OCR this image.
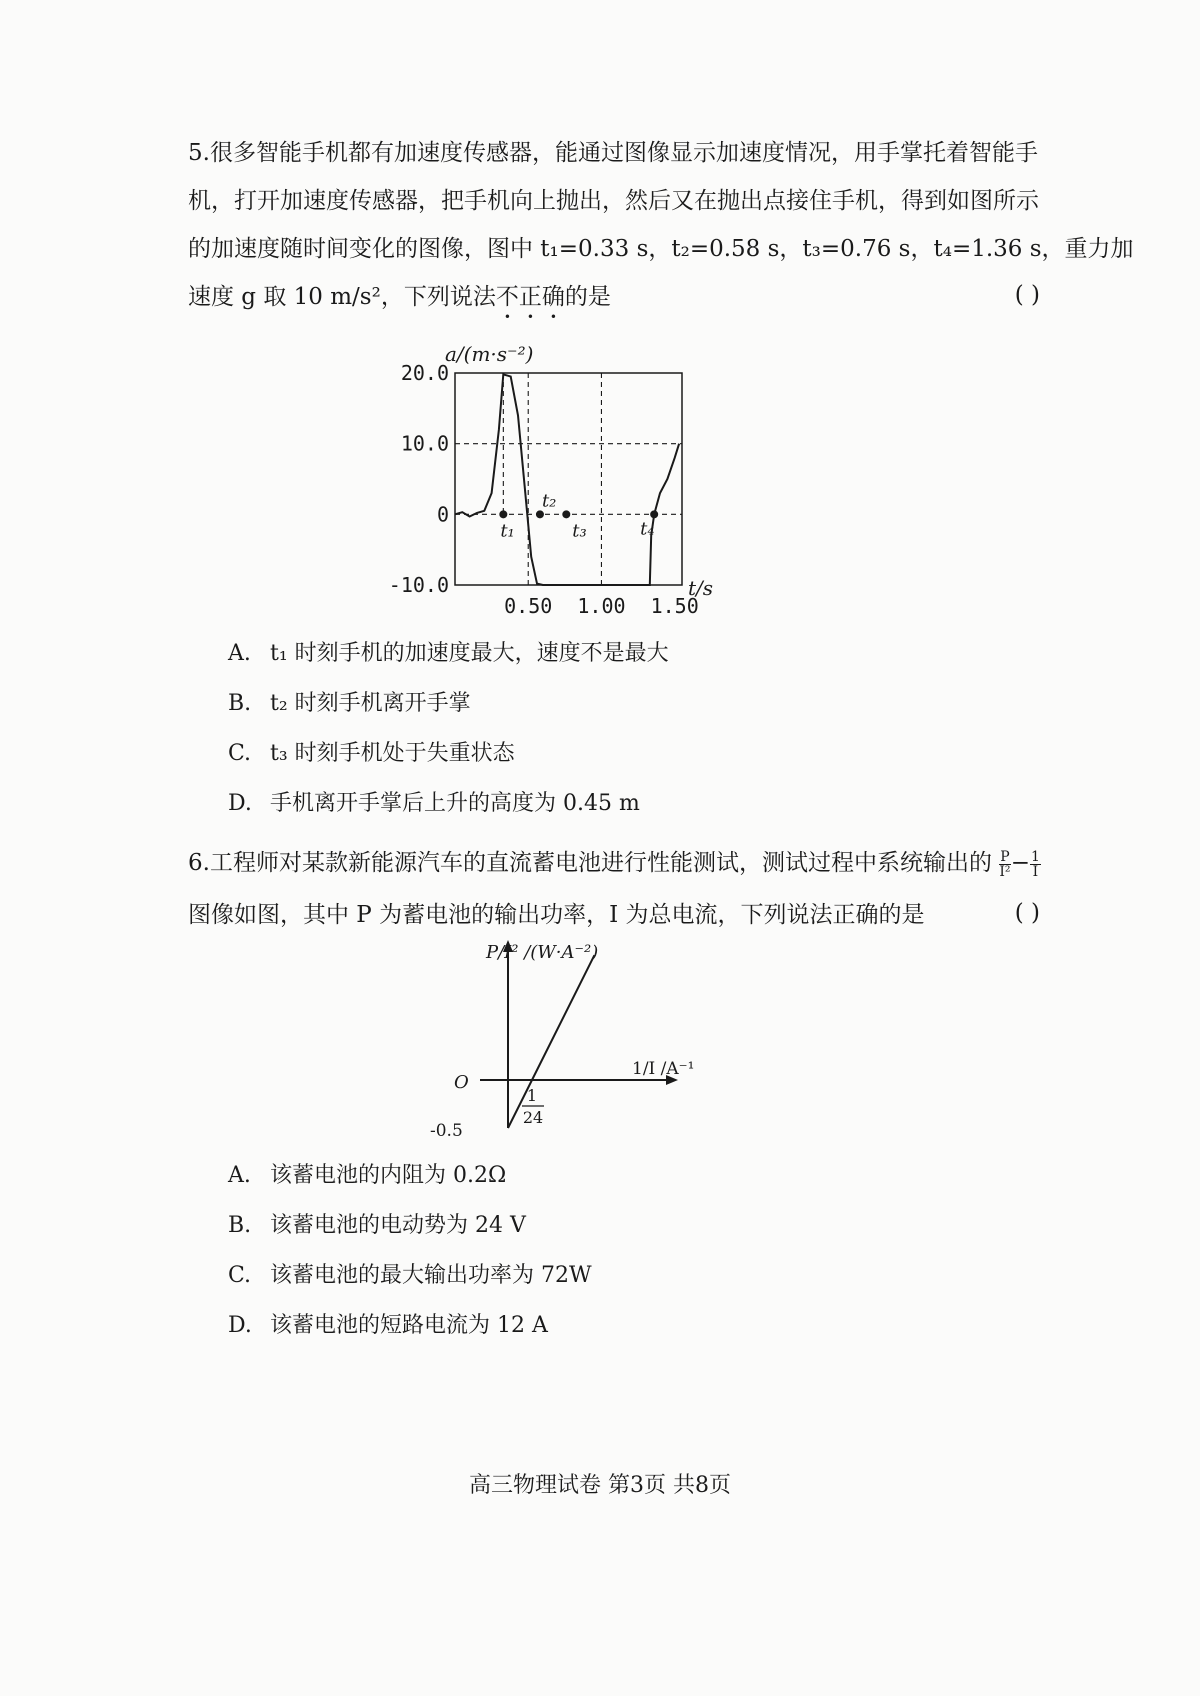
5.很多智能手机都有加速度传感器，能通过图像显示加速度情况，用手掌托着智能手
机，打开加速度传感器，把手机向上抛出，然后又在抛出点接住手机，得到如图所示
的加速度随时间变化的图像，图中 t₁=0.33 s，t₂=0.58 s，t₃=0.76 s，t₄=1.36 s，重力加
速度 g 取 10 m/s²，下列说法不正确的是	( )
a/(m·s⁻²)
20.0
10.0
0
-10.0
0.50 1.00 1.50
t₁
t₂
t₃	t₄
t/s
A. t₁ 时刻手机的加速度最大，速度不是最大
B. t₂ 时刻手机离开手掌
C. t₃ 时刻手机处于失重状态
D. 手机离开手掌后上升的高度为 0.45 m
6.工程师对某款新能源汽车的直流蓄电池进行性能测试，测试过程中系统输出的 $\frac{P}{\text{I²}} - \frac{1}{I}$
图像如图，其中 P 为蓄电池的输出功率，I 为总电流，下列说法正确的是	( )
P/I² /(W·A⁻²)
1/I /A⁻¹
O
-0.5
1
24
A. 该蓄电池的内阻为 0.2Ω
B. 该蓄电池的电动势为 24 V
C. 该蓄电池的最大输出功率为 72W
D. 该蓄电池的短路电流为 12 A
高三物理试卷 第3页 共8页
